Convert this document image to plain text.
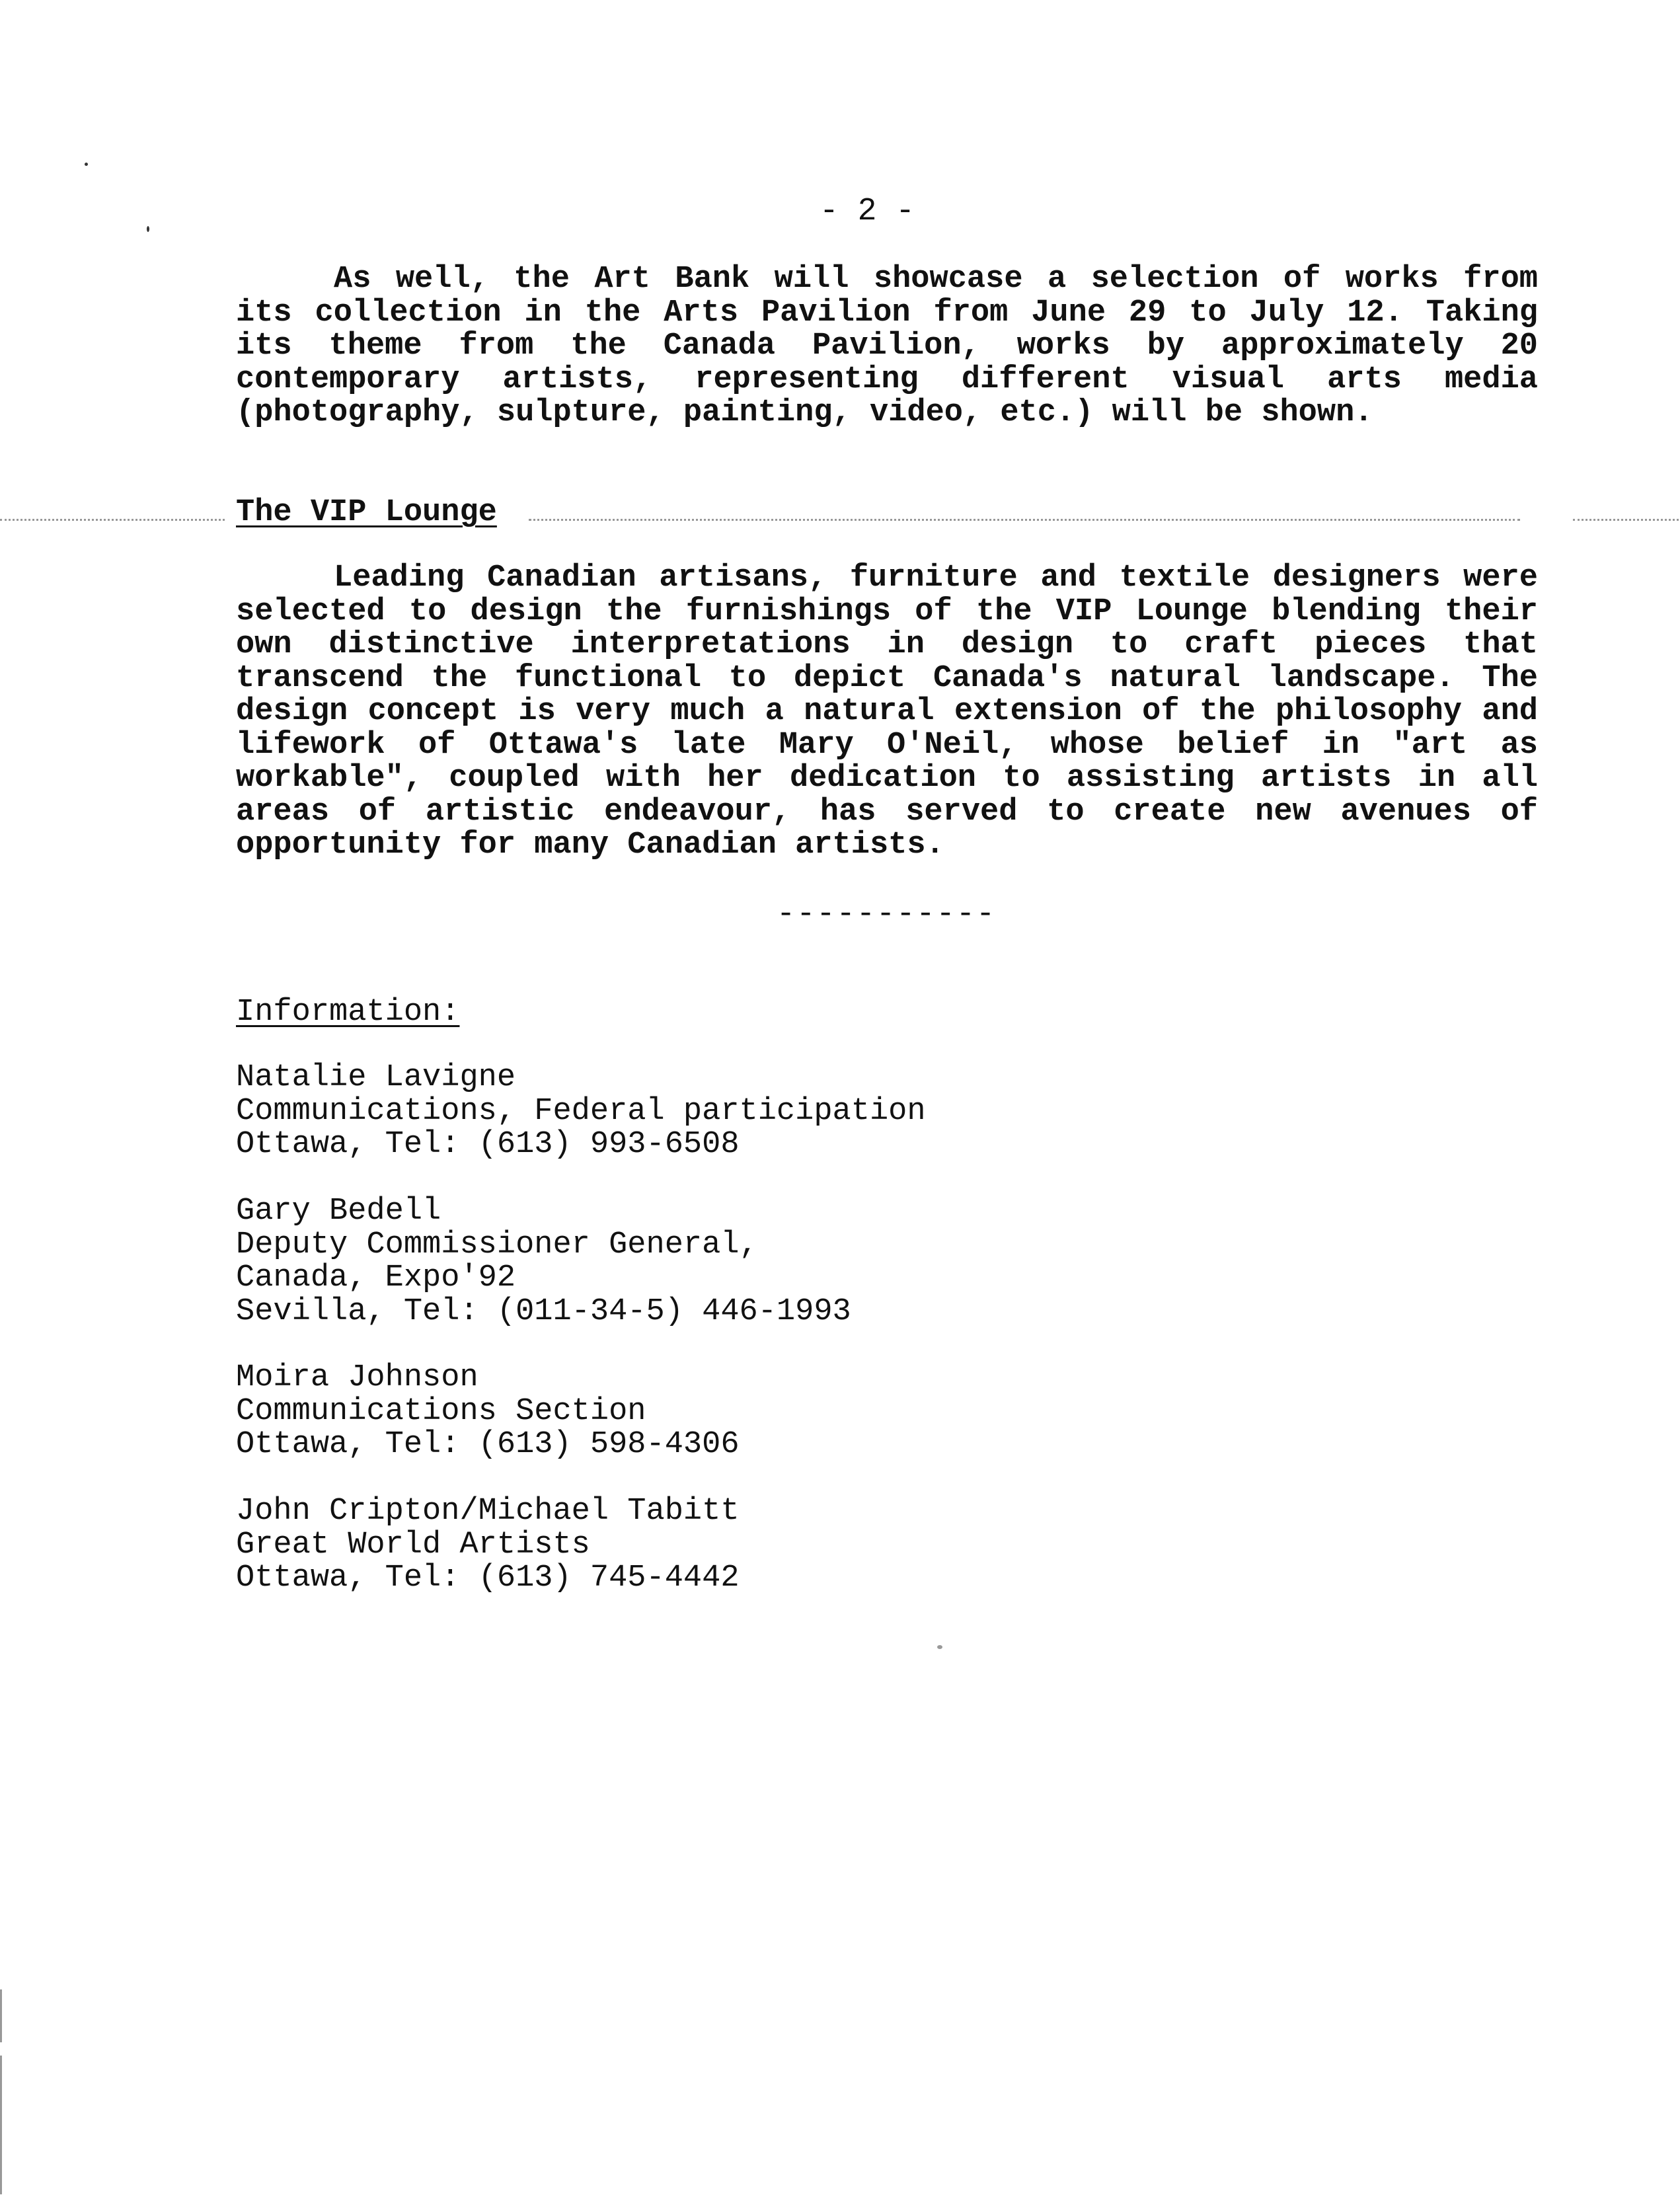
- 2 -

As well, the Art Bank will showcase a selection of works from its collection in the Arts Pavilion from June 29 to July 12. Taking its theme from the Canada Pavilion, works by approximately 20 contemporary artists, representing different visual arts media (photography, sulpture, painting, video, etc.) will be shown.

The VIP Lounge

Leading Canadian artisans, furniture and textile designers were selected to design the furnishings of the VIP Lounge blending their own distinctive interpretations in design to craft pieces that transcend the functional to depict Canada's natural landscape. The design concept is very much a natural extension of the philosophy and lifework of Ottawa's late Mary O'Neil, whose belief in "art as workable", coupled with her dedication to assisting artists in all areas of artistic endeavour, has served to create new avenues of opportunity for many Canadian artists.

-----------
Information:
Natalie Lavigne
Communications, Federal participation
Ottawa, Tel: (613) 993-6508
Gary Bedell
Deputy Commissioner General,
Canada, Expo'92
Sevilla, Tel: (011-34-5) 446-1993
Moira Johnson
Communications Section
Ottawa, Tel: (613) 598-4306
John Cripton/Michael Tabitt
Great World Artists
Ottawa, Tel: (613) 745-4442
